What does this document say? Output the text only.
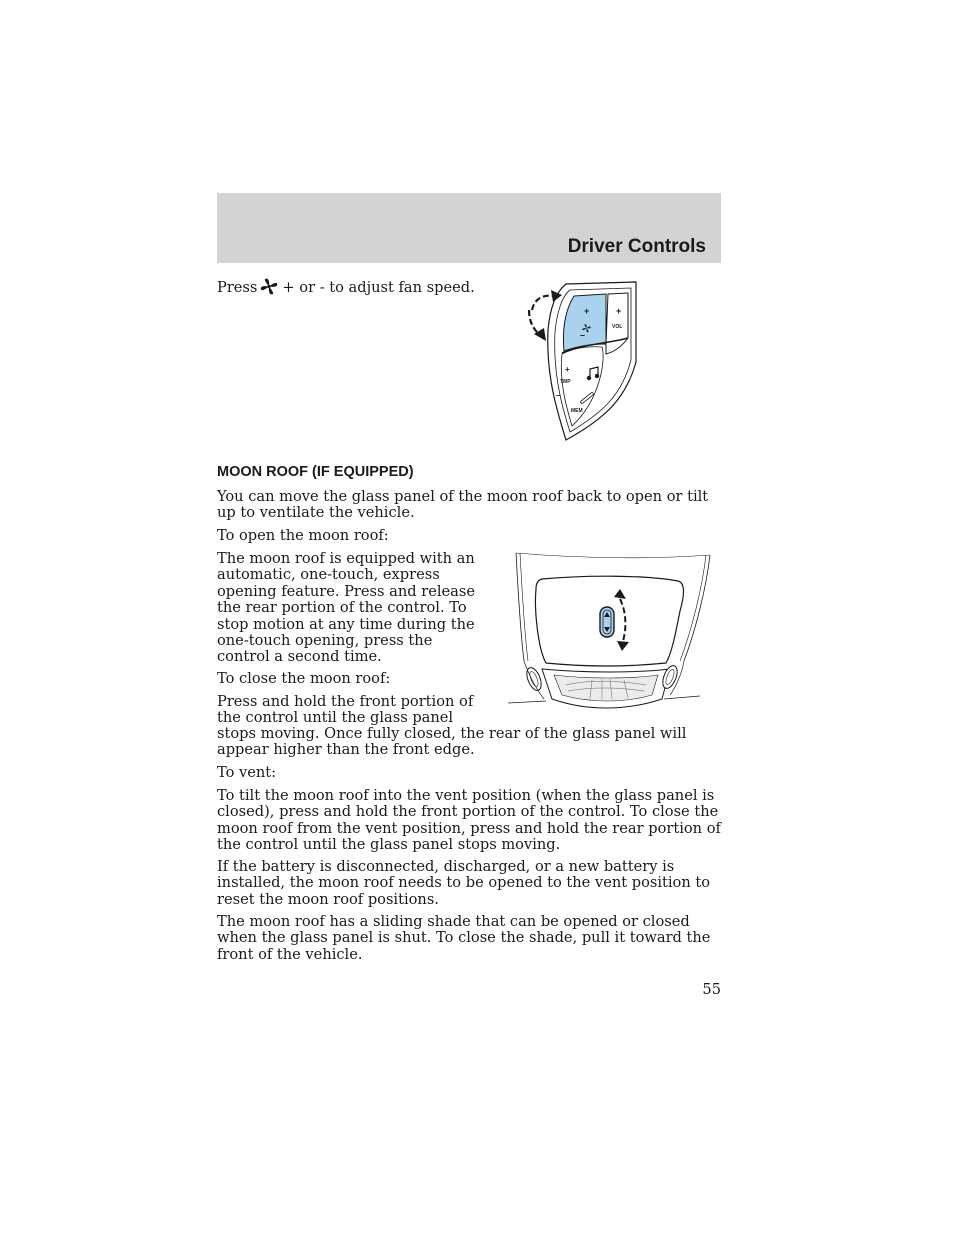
Driver Controls

Press + or - to adjust fan speed.

+
–
+
VOL
–
+
TMP
–
MEM
MOON ROOF (IF EQUIPPED)

You can move the glass panel of the moon roof back to open or tilt up to ventilate the vehicle.

To open the moon roof:

The moon roof is equipped with an automatic, one-touch, express opening feature. Press and release the rear portion of the control. To stop motion at any time during the one-touch opening, press the control a second time.

To close the moon roof:

Press and hold the front portion of the control until the glass panel

stops moving. Once fully closed, the rear of the glass panel will appear higher than the front edge.

To vent:

To tilt the moon roof into the vent position (when the glass panel is closed), press and hold the front portion of the control. To close the moon roof from the vent position, press and hold the rear portion of the control until the glass panel stops moving.

If the battery is disconnected, discharged, or a new battery is installed, the moon roof needs to be opened to the vent position to reset the moon roof positions.

The moon roof has a sliding shade that can be opened or closed when the glass panel is shut. To close the shade, pull it toward the front of the vehicle.

55
